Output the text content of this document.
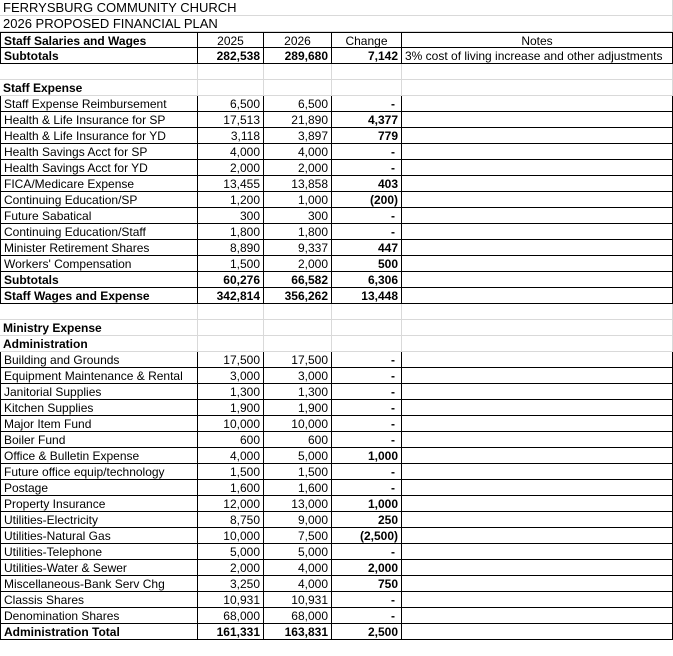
FERRYSBURG COMMUNITY CHURCH
2026 PROPOSED FINANCIAL PLAN
Staff Salaries and Wages	2025	2026	Change	Notes
Subtotals	282,538	289,680	7,142 3% cost of living increase and other adjustments
Staff Expense
Staff Expense Reimbursement	6,500	6,500	-
Health & Life Insurance for SP	17,513	21,890	4,377
Health & Life Insurance for YD	3,118	3,897	779
Health Savings Acct for SP	4,000	4,000	-
Health Savings Acct for YD	2,000	2,000	-
FICA/Medicare Expense	13,455	13,858	403
Continuing Education/SP	1,200	1,000	(200)
Future Sabatical	300	300	-
Continuing Education/Staff	1,800	1,800	-
Minister Retirement Shares	8,890	9,337	447
Workers' Compensation	1,500	2,000	500
Subtotals	60,276	66,582	6,306
Staff Wages and Expense	342,814	356,262	13,448
Ministry Expense
Administration
Building and Grounds	17,500	17,500	-
Equipment Maintenance & Rental	3,000	3,000	-
Janitorial Supplies	1,300	1,300	-
Kitchen Supplies	1,900	1,900	-
Major Item Fund	10,000	10,000	-
Boiler Fund	600	600	-
Office & Bulletin Expense	4,000	5,000	1,000
Future office equip/technology	1,500	1,500	-
Postage	1,600	1,600	-
Property Insurance	12,000	13,000	1,000
Utilities-Electricity	8,750	9,000	250
Utilities-Natural Gas	10,000	7,500	(2,500)
Utilities-Telephone	5,000	5,000	-
Utilities-Water & Sewer	2,000	4,000	2,000
Miscellaneous-Bank Serv Chg	3,250	4,000	750
Classis Shares	10,931	10,931	-
Denomination Shares	68,000	68,000	-
Administration Total	161,331	163,831	2,500
